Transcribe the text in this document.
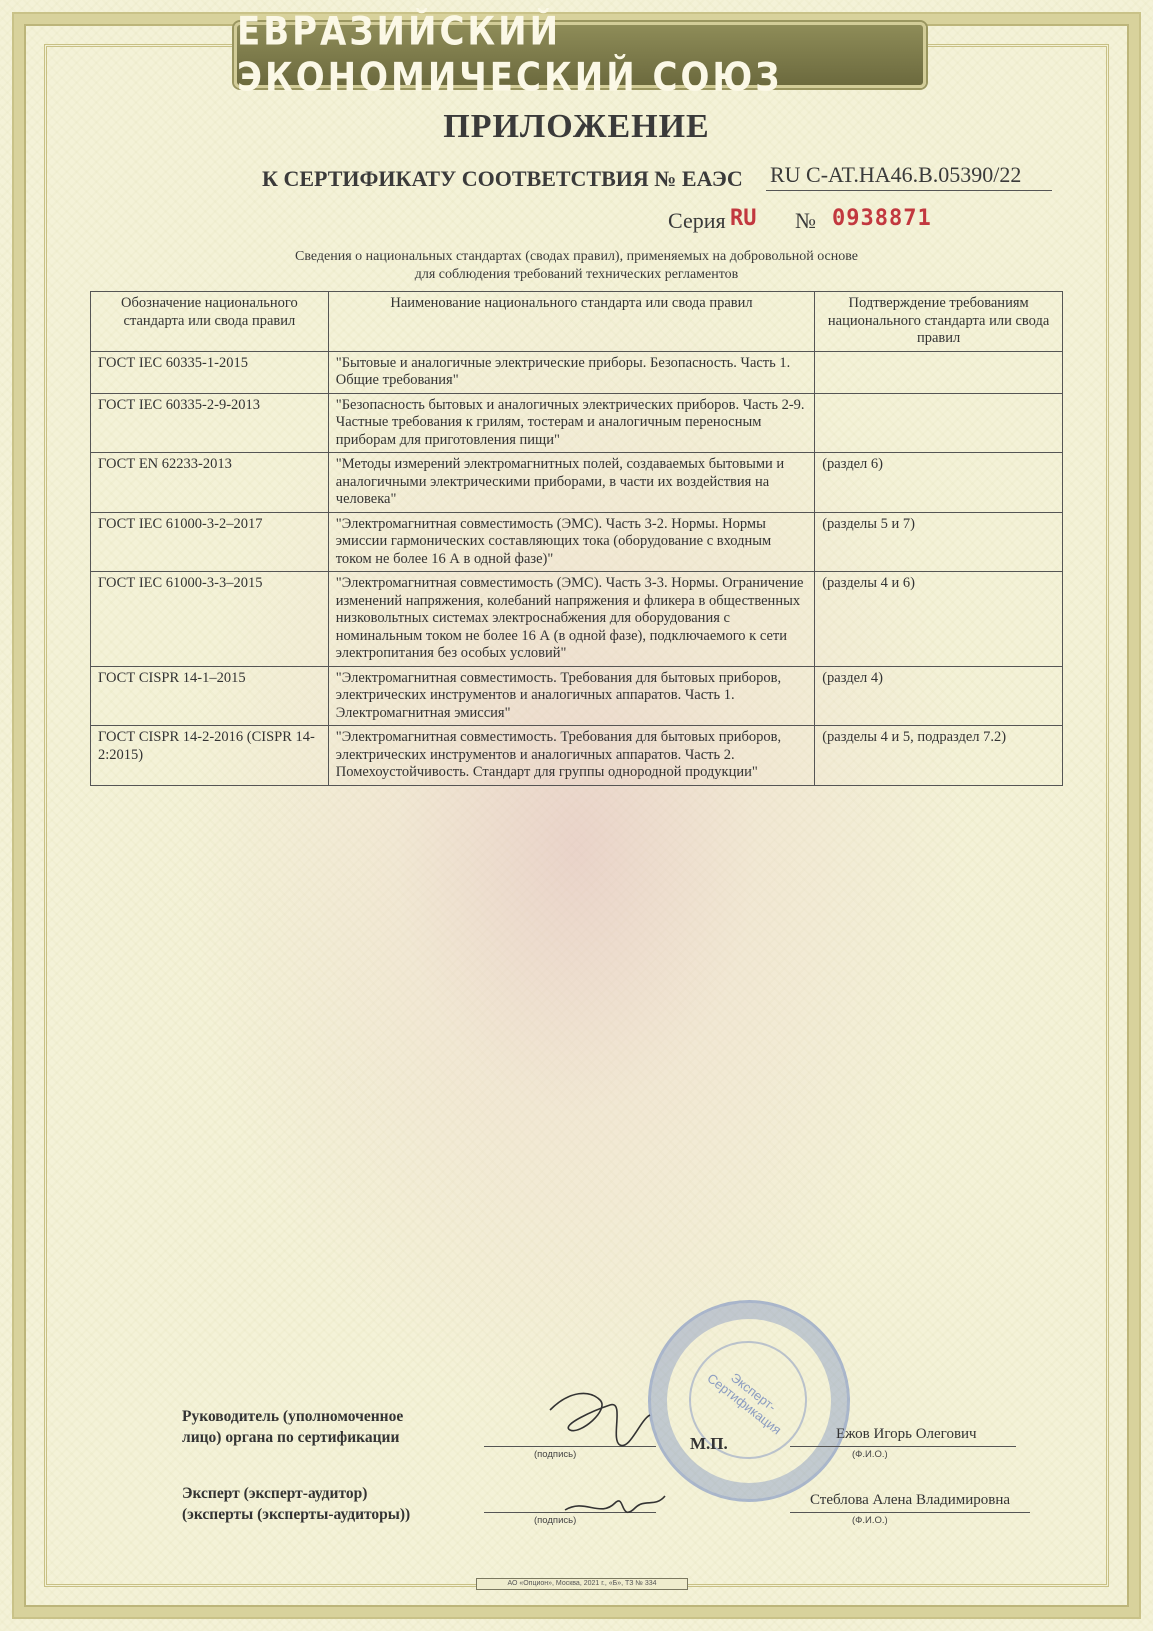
ЕВРАЗИЙСКИЙ ЭКОНОМИЧЕСКИЙ СОЮЗ
ПРИЛОЖЕНИЕ
К СЕРТИФИКАТУ СООТВЕТСТВИЯ № ЕАЭС RU C-AT.HA46.B.05390/22
Серия RU № 0938871
Сведения о национальных стандартах (сводах правил), применяемых на добровольной основе
для соблюдения требований технических регламентов
Обозначение национального стандарта или свода правил	Наименование национального стандарта или свода правил	Подтверждение требованиям национального стандарта или свода правил
ГОСТ IEC 60335-1-2015	"Бытовые и аналогичные электрические приборы. Безопасность. Часть 1. Общие требования"	
ГОСТ IEC 60335-2-9-2013	"Безопасность бытовых и аналогичных электрических приборов. Часть 2-9. Частные требования к грилям, тостерам и аналогичным переносным приборам для приготовления пищи"	
ГОСТ EN 62233-2013	"Методы измерений электромагнитных полей, создаваемых бытовыми и аналогичными электрическими приборами, в части их воздействия на человека"	(раздел 6)
ГОСТ IEC 61000-3-2–2017	"Электромагнитная совместимость (ЭМС). Часть 3-2. Нормы. Нормы эмиссии гармонических составляющих тока (оборудование с входным током не более 16 А в одной фазе)"	(разделы 5 и 7)
ГОСТ IEC 61000-3-3–2015	"Электромагнитная совместимость (ЭМС). Часть 3-3. Нормы. Ограничение изменений напряжения, колебаний напряжения и фликера в общественных низковольтных системах электроснабжения для оборудования с номинальным током не более 16 А (в одной фазе), подключаемого к сети электропитания без особых условий"	(разделы 4 и 6)
ГОСТ CISPR 14-1–2015	"Электромагнитная совместимость. Требования для бытовых приборов, электрических инструментов и аналогичных аппаратов. Часть 1. Электромагнитная эмиссия"	(раздел 4)
ГОСТ CISPR 14-2-2016 (CISPR 14-2:2015)	"Электромагнитная совместимость. Требования для бытовых приборов, электрических инструментов и аналогичных аппаратов. Часть 2. Помехоустойчивость. Стандарт для группы однородной продукции"	(разделы 4 и 5, подраздел 7.2)
Эксперт-Сертификация
Руководитель (уполномоченное
лицо) органа по сертификации
(подпись)
М.П.	Ежов Игорь Олегович
(Ф.И.О.)
Эксперт (эксперт-аудитор)
(эксперты (эксперты-аудиторы))	(подпись)
Стеблова Алена Владимировна
(Ф.И.О.)
АО «Опцион», Москва, 2021 г., «Б», ТЗ № 334
